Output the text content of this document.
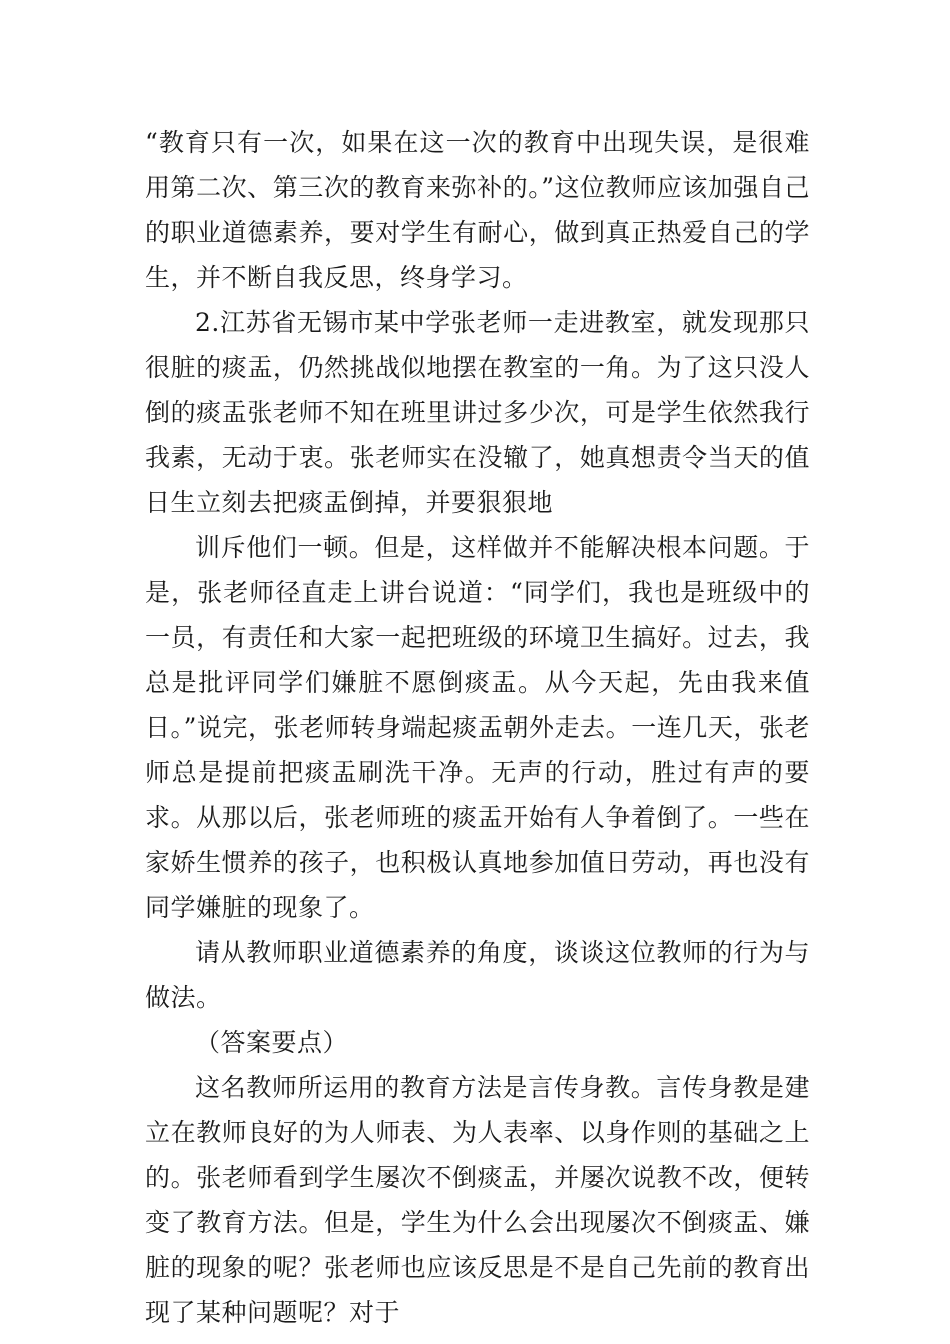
“教育只有一次，如果在这一次的教育中出现失误，是很难用第二次、第三次的教育来弥补的。”这位教师应该加强自己的职业道德素养，要对学生有耐心，做到真正热爱自己的学生，并不断自我反思，终身学习。

2.江苏省无锡市某中学张老师一走进教室，就发现那只很脏的痰盂，仍然挑战似地摆在教室的一角。为了这只没人倒的痰盂张老师不知在班里讲过多少次，可是学生依然我行我素，无动于衷。张老师实在没辙了，她真想责令当天的值日生立刻去把痰盂倒掉，并要狠狠地

训斥他们一顿。但是，这样做并不能解决根本问题。于是，张老师径直走上讲台说道：“同学们，我也是班级中的一员，有责任和大家一起把班级的环境卫生搞好。过去，我总是批评同学们嫌脏不愿倒痰盂。从今天起，先由我来值日。”说完，张老师转身端起痰盂朝外走去。一连几天，张老师总是提前把痰盂刷洗干净。无声的行动，胜过有声的要求。从那以后，张老师班的痰盂开始有人争着倒了。一些在家娇生惯养的孩子，也积极认真地参加值日劳动，再也没有同学嫌脏的现象了。

请从教师职业道德素养的角度，谈谈这位教师的行为与做法。

（答案要点）

这名教师所运用的教育方法是言传身教。言传身教是建立在教师良好的为人师表、为人表率、以身作则的基础之上的。张老师看到学生屡次不倒痰盂，并屡次说教不改，便转变了教育方法。但是，学生为什么会出现屡次不倒痰盂、嫌脏的现象的呢？张老师也应该反思是不是自己先前的教育出现了某种问题呢？对于
